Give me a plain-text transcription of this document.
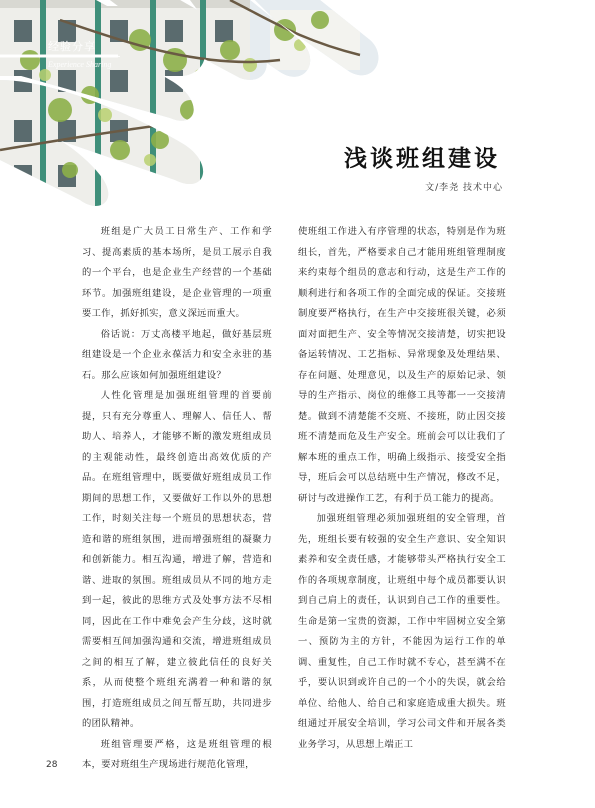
经验分享
Experience Sharing
浅谈班组建设
文/李尧 技术中心

班组是广大员工日常生产、工作和学习、提高素质的基本场所，是员工展示自我的一个平台，也是企业生产经营的一个基础环节。加强班组建设，是企业管理的一项重要工作，抓好抓实，意义深远而重大。

俗话说：万丈高楼平地起，做好基层班组建设是一个企业永葆活力和安全永驻的基石。那么应该如何加强班组建设？

人性化管理是加强班组管理的首要前提，只有充分尊重人、理解人、信任人、帮助人、培养人，才能够不断的激发班组成员的主观能动性，最终创造出高效优质的产品。在班组管理中，既要做好班组成员工作期间的思想工作，又要做好工作以外的思想工作，时刻关注每一个班员的思想状态，营造和谐的班组氛围，进而增强班组的凝聚力和创新能力。相互沟通，增进了解，营造和谐、进取的氛围。班组成员从不同的地方走到一起，彼此的思维方式及处事方法不尽相同，因此在工作中难免会产生分歧，这时就需要相互间加强沟通和交流，增进班组成员之间的相互了解，建立彼此信任的良好关系，从而使整个班组充满着一种和谐的氛围，打造班组成员之间互帮互助，共同进步的团队精神。

班组管理要严格，这是班组管理的根本，要对班组生产现场进行规范化管理，

使班组工作进入有序管理的状态，特别是作为班组长，首先，严格要求自己才能用班组管理制度来约束每个组员的意志和行动，这是生产工作的顺利进行和各项工作的全面完成的保证。交接班制度要严格执行，在生产中交接班很关键，必须面对面把生产、安全等情况交接清楚，切实把设备运转情况、工艺指标、异常现象及处理结果、存在问题、处理意见，以及生产的原始记录、领导的生产指示、岗位的维修工具等都一一交接清楚。做到不清楚能不交班、不接班，防止因交接班不清楚而危及生产安全。班前会可以让我们了解本班的重点工作，明确上级指示、接受安全指导，班后会可以总结班中生产情况，修改不足，研讨与改进操作工艺，有利于员工能力的提高。

加强班组管理必须加强班组的安全管理，首先，班组长要有较强的安全生产意识、安全知识素养和安全责任感，才能够带头严格执行安全工作的各项规章制度，让班组中每个成员都要认识到自己肩上的责任，认识到自己工作的重要性。生命是第一宝贵的资源，工作中牢固树立安全第一、预防为主的方针，不能因为运行工作的单调、重复性，自己工作时就不专心，甚至满不在乎，要认识到或许自己的一个小的失误，就会给单位、给他人、给自己和家庭造成重大损失。班组通过开展安全培训，学习公司文件和开展各类业务学习，从思想上端正工

28
